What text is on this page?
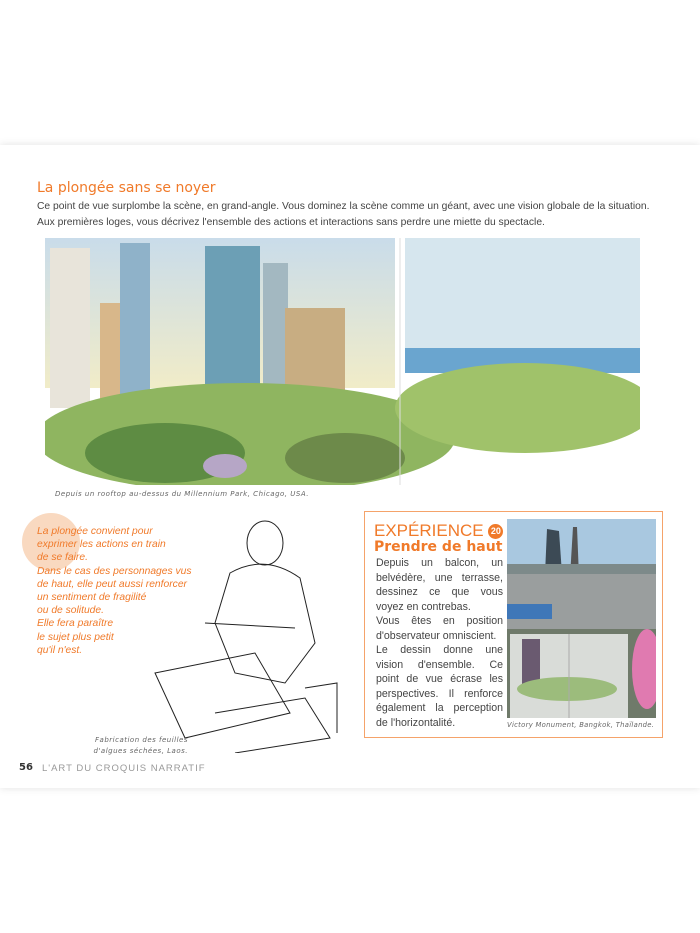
La plongée sans se noyer
Ce point de vue surplombe la scène, en grand-angle. Vous dominez la scène comme un géant, avec une vision globale de la situation. Aux premières loges, vous décrivez l'ensemble des actions et interactions sans perdre une miette du spectacle.
Depuis un rooftop au-dessus du Millennium Park, Chicago, USA.
La plongée convient pour
exprimer les actions en train
de se faire.
Dans le cas des personnages vus
de haut, elle peut aussi renforcer
un sentiment de fragilité
ou de solitude.
Elle fera paraître
le sujet plus petit
qu'il n'est.
Fabrication des feuilles
d'algues séchées, Laos.
EXPÉRIENCE 20
Prendre de haut

Depuis un balcon, un belvédère, une terrasse, dessinez ce que vous voyez en contrebas.

Vous êtes en position d'observateur omniscient.

Le dessin donne une vision d'ensemble. Ce point de vue écrase les perspectives. Il renforce également la perception de l'horizontalité.	Victory Monument, Bangkok, Thaïlande.
56 L'ART DU CROQUIS NARRATIF
